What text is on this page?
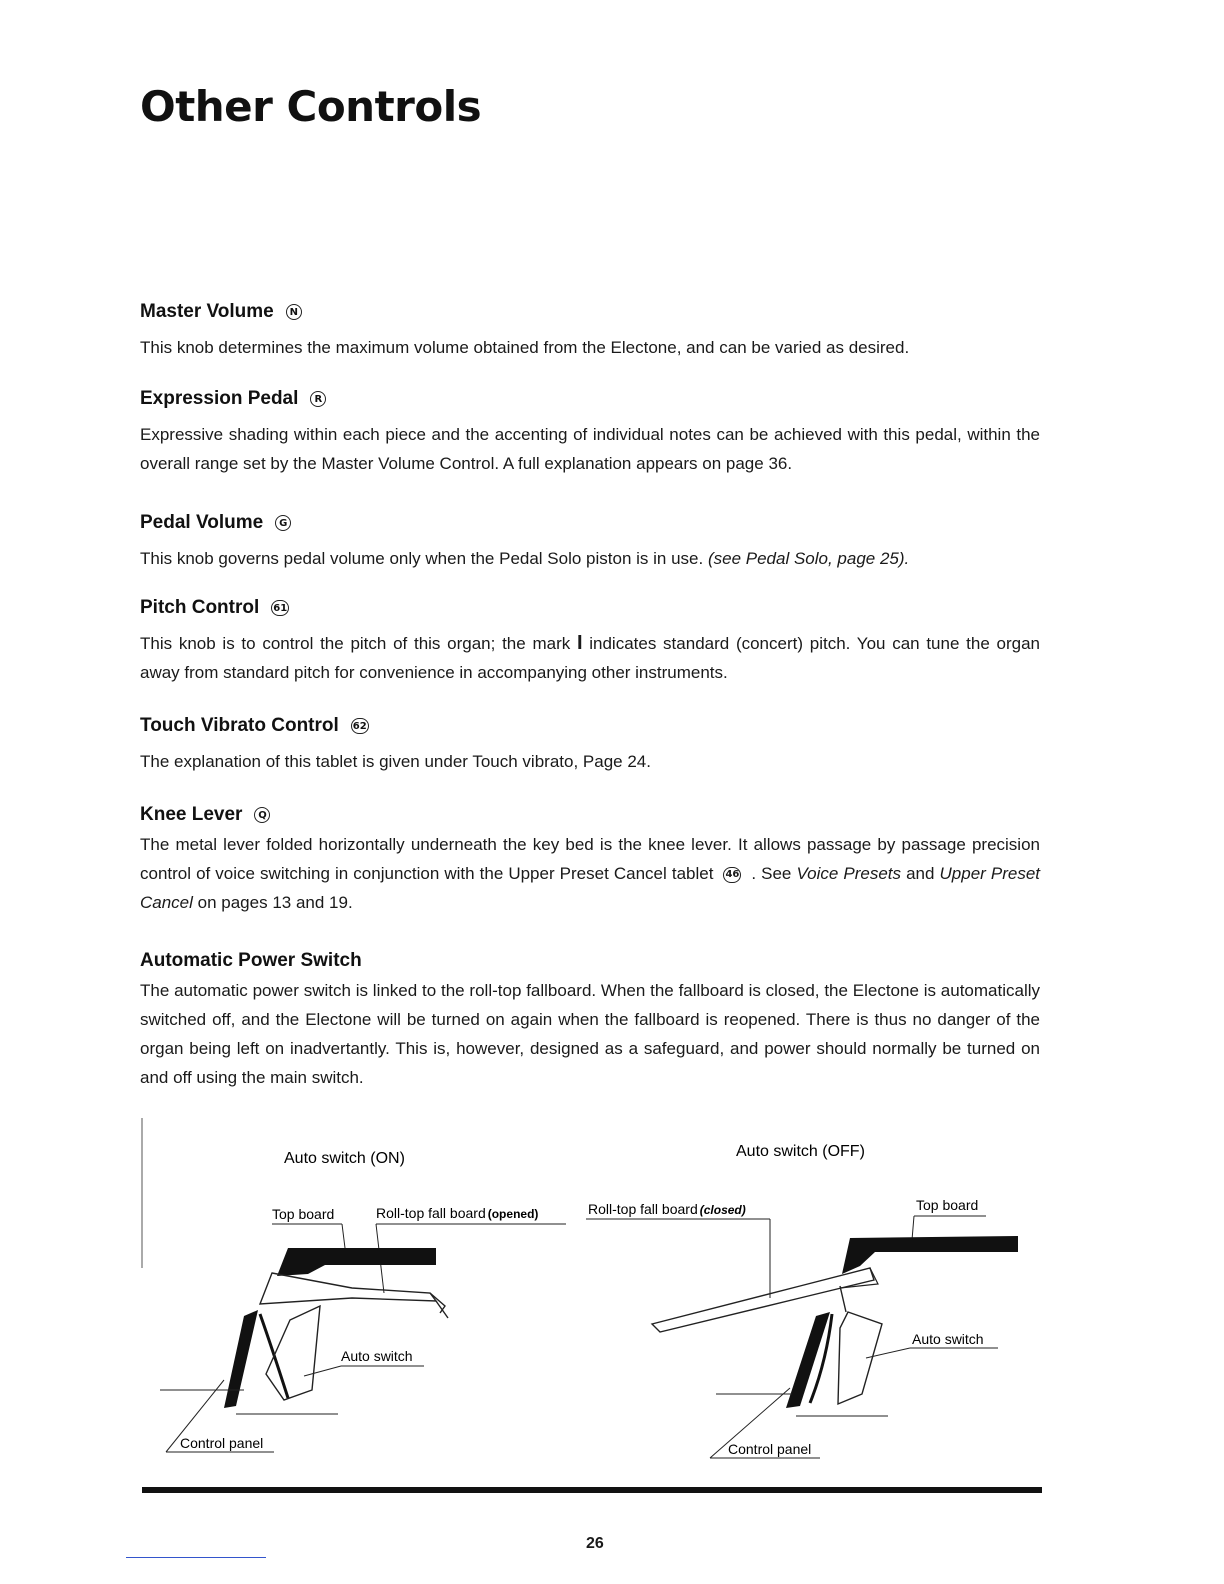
Other Controls
Master Volume	N

This knob determines the maximum volume obtained from the Electone, and can be varied as desired.

Expression Pedal	R

Expressive shading within each piece and the accenting of individual notes can be achieved with this pedal, within the overall range set by the Master Volume Control. A full explanation appears on page 36.

Pedal Volume	G

This knob governs pedal volume only when the Pedal Solo piston is in use. (see Pedal Solo, page 25).

Pitch Control 61

This knob is to control the pitch of this organ; the mark I indicates standard (concert) pitch. You can tune the organ away from standard pitch for convenience in accompanying other instruments.

Touch Vibrato Control 62

The explanation of this tablet is given under Touch vibrato, Page 24.

Knee Lever	Q

The metal lever folded horizontally underneath the key bed is the knee lever. It allows passage by passage precision control of voice switching in conjunction with the Upper Preset Cancel tablet 46 . See Voice Presets and Upper Preset Cancel on pages 13 and 19.

Automatic Power Switch

The automatic power switch is linked to the roll-top fallboard. When the fallboard is closed, the Electone is automatically switched off, and the Electone will be turned on again when the fallboard is reopened. There is thus no danger of the organ being left on inadvertantly. This is, however, designed as a safeguard, and power should normally be turned on and off using the main switch.

Auto switch (ON)
Top board	Roll-top fall board (opened)
Auto switch
Control panel
Auto switch (OFF)
Roll-top fall board (closed)	Top board
Auto switch
Control panel
26
